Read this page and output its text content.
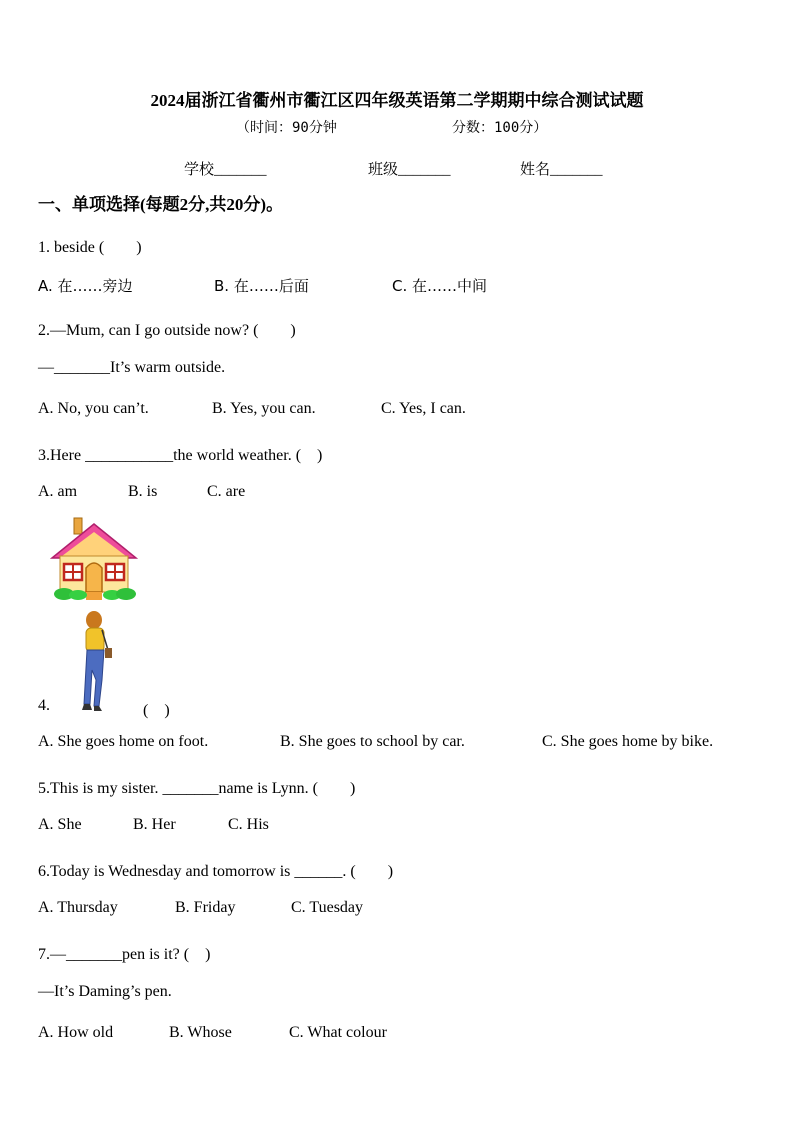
2024届浙江省衢州市衢江区四年级英语第二学期期中综合测试试题
（时间：90分钟	分数：100分）
学校_______	班级_______	姓名_______
一、单项选择(每题2分,共20分)。
1. beside (　　)
A. 在……旁边	B. 在……后面	C. 在……中间
2.—Mum, can I go outside now? (　　)
—_______It’s warm outside.
A. No, you can’t.	B. Yes, you can.	C. Yes, I can.
3.Here ___________the world weather. (　)
A. am	B. is	C. are
4.	(　)
A. She goes home on foot.	B. She goes to school by car.	C. She goes home by bike.
5.This is my sister. _______name is Lynn. (　　)
A. She	B. Her	C. His
6.Today is Wednesday and tomorrow is ______. (　　)
A. Thursday	B. Friday	C. Tuesday
7.—_______pen is it? (　)
—It’s Daming’s pen.
A. How old	B. Whose	C. What colour
